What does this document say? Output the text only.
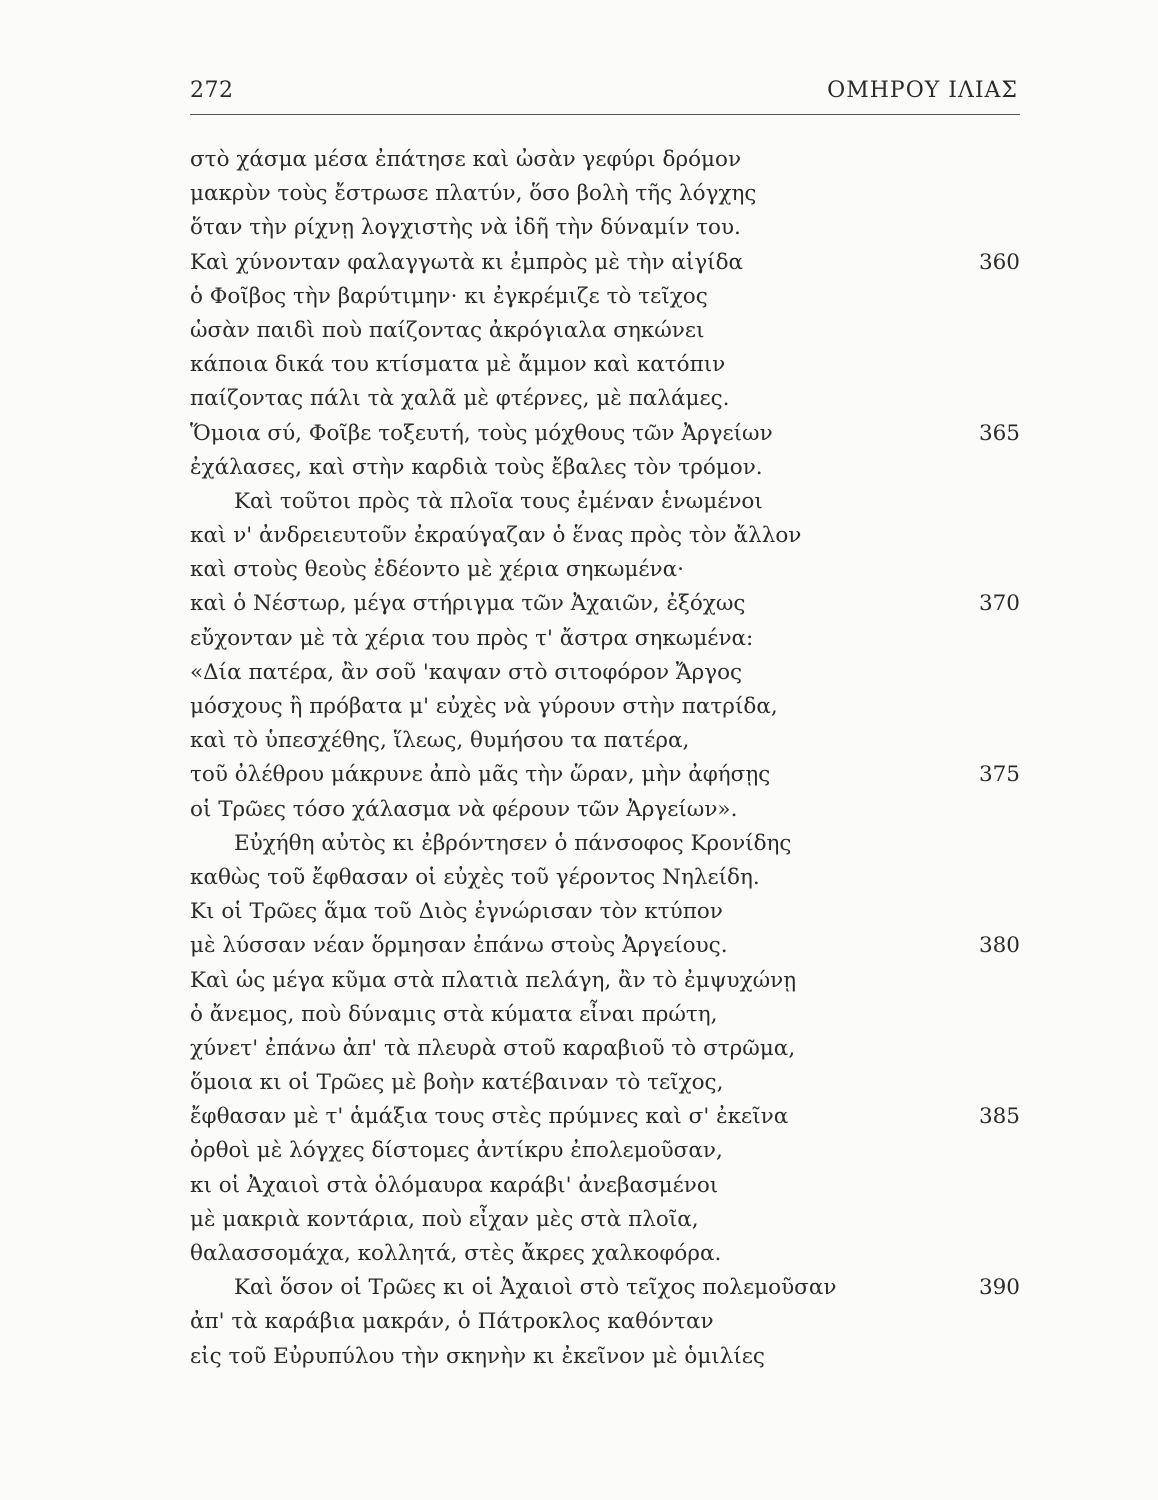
272	ΟΜΗΡΟΥ ΙΛΙΑΣ
στὸ χάσμα μέσα ἐπάτησε καὶ ὠσὰν γεφύρι δρόμον
μακρὺν τοὺς ἔστρωσε πλατύν, ὅσο βολὴ τῆς λόγχης
ὅταν τὴν ρίχνῃ λογχιστὴς νὰ ἰδῆ τὴν δύναμίν του.
Καὶ χύνονταν φαλαγγωτὰ κι ἐμπρὸς μὲ τὴν αἰγίδα	360
ὁ Φοῖβος τὴν βαρύτιμην· κι ἐγκρέμιζε τὸ τεῖχος
ὡσὰν παιδὶ ποὺ παίζοντας ἀκρόγιαλα σηκώνει
κάποια δικά του κτίσματα μὲ ἄμμον καὶ κατόπιν
παίζοντας πάλι τὰ χαλᾶ μὲ φτέρνες, μὲ παλάμες.
Ὅμοια σύ, Φοῖβε τοξευτή, τοὺς μόχθους τῶν Ἀργείων	365
ἐχάλασες, καὶ στὴν καρδιὰ τοὺς ἔβαλες τὸν τρόμον.
Καὶ τοῦτοι πρὸς τὰ πλοῖα τους ἐμέναν ἑνωμένοι
καὶ ν' ἀνδρειευτοῦν ἐκραύγαζαν ὁ ἕνας πρὸς τὸν ἄλλον
καὶ στοὺς θεοὺς ἐδέοντο μὲ χέρια σηκωμένα·
καὶ ὁ Νέστωρ, μέγα στήριγμα τῶν Ἀχαιῶν, ἐξόχως	370
εὔχονταν μὲ τὰ χέρια του πρὸς τ' ἄστρα σηκωμένα:
«Δία πατέρα, ἂν σοῦ 'καψαν στὸ σιτοφόρον Ἄργος
μόσχους ἢ πρόβατα μ' εὐχὲς νὰ γύρουν στὴν πατρίδα,
καὶ τὸ ὑπεσχέθης, ἵλεως, θυμήσου τα πατέρα,
τοῦ ὀλέθρου μάκρυνε ἀπὸ μᾶς τὴν ὥραν, μὴν ἀφήσῃς	375
οἱ Τρῶες τόσο χάλασμα νὰ φέρουν τῶν Ἀργείων».
Εὐχήθη αὐτὸς κι ἐβρόντησεν ὁ πάνσοφος Κρονίδης
καθὼς τοῦ ἔφθασαν οἱ εὐχὲς τοῦ γέροντος Νηλείδη.
Κι οἱ Τρῶες ἅμα τοῦ Διὸς ἐγνώρισαν τὸν κτύπον
μὲ λύσσαν νέαν ὅρμησαν ἐπάνω στοὺς Ἀργείους.	380
Καὶ ὡς μέγα κῦμα στὰ πλατιὰ πελάγη, ἂν τὸ ἐμψυχώνῃ
ὁ ἄνεμος, ποὺ δύναμις στὰ κύματα εἶναι πρώτη,
χύνετ' ἐπάνω ἀπ' τὰ πλευρὰ στοῦ καραβιοῦ τὸ στρῶμα,
ὅμοια κι οἱ Τρῶες μὲ βοὴν κατέβαιναν τὸ τεῖχος,
ἔφθασαν μὲ τ' ἁμάξια τους στὲς πρύμνες καὶ σ' ἐκεῖνα	385
ὀρθοὶ μὲ λόγχες δίστομες ἀντίκρυ ἐπολεμοῦσαν,
κι οἱ Ἀχαιοὶ στὰ ὁλόμαυρα καράβι' ἀνεβασμένοι
μὲ μακριὰ κοντάρια, ποὺ εἶχαν μὲς στὰ πλοῖα,
θαλασσομάχα, κολλητά, στὲς ἄκρες χαλκοφόρα.
Καὶ ὅσον οἱ Τρῶες κι οἱ Ἀχαιοὶ στὸ τεῖχος πολεμοῦσαν	390
ἀπ' τὰ καράβια μακράν, ὁ Πάτροκλος καθόνταν
εἰς τοῦ Εὐρυπύλου τὴν σκηνὴν κι ἐκεῖνον μὲ ὁμιλίες
